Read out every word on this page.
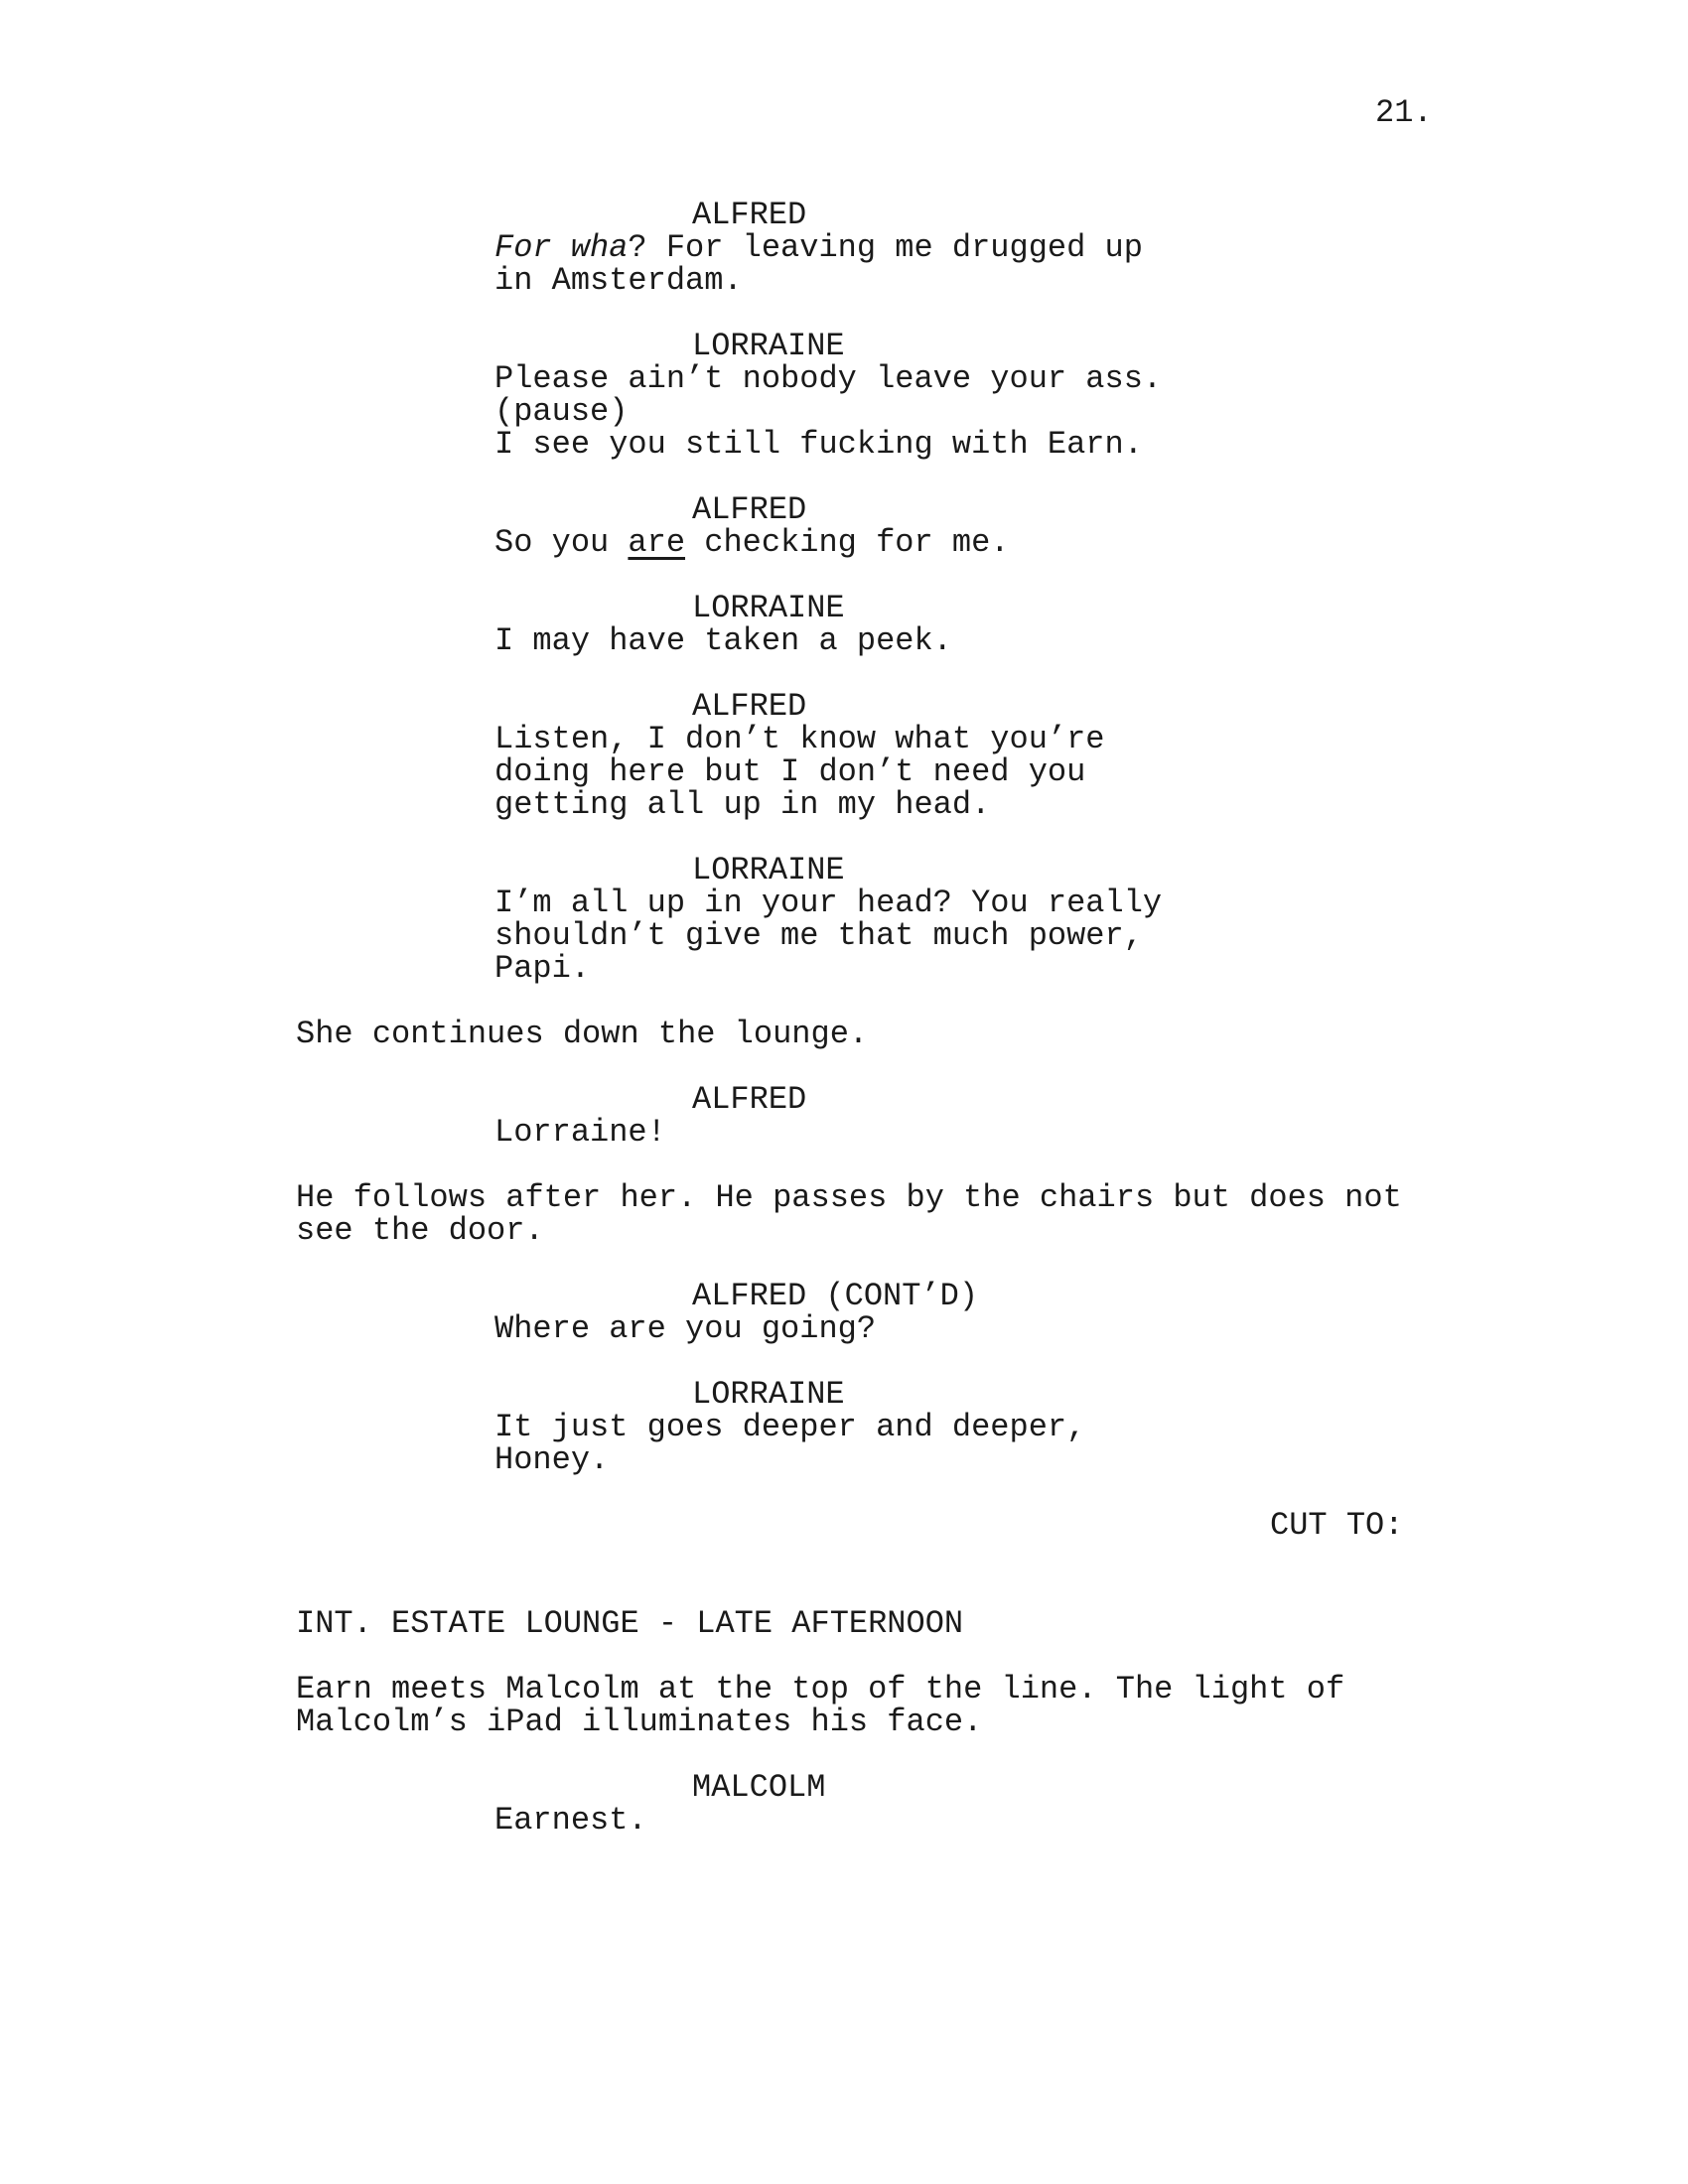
21.

ALFRED

For wha? For leaving me drugged up

in Amsterdam.

LORRAINE

Please ain’t nobody leave your ass.

(pause)

I see you still fucking with Earn.

ALFRED

So you are checking for me.

LORRAINE

I may have taken a peek.

ALFRED

Listen, I don’t know what you’re

doing here but I don’t need you

getting all up in my head.

LORRAINE

I’m all up in your head? You really

shouldn’t give me that much power,

Papi.

She continues down the lounge.

ALFRED

Lorraine!

He follows after her. He passes by the chairs but does not

see the door.

ALFRED (CONT’D)

Where are you going?

LORRAINE

It just goes deeper and deeper,

Honey.

CUT TO:

INT. ESTATE LOUNGE - LATE AFTERNOON

Earn meets Malcolm at the top of the line. The light of

Malcolm’s iPad illuminates his face.

MALCOLM

Earnest.
